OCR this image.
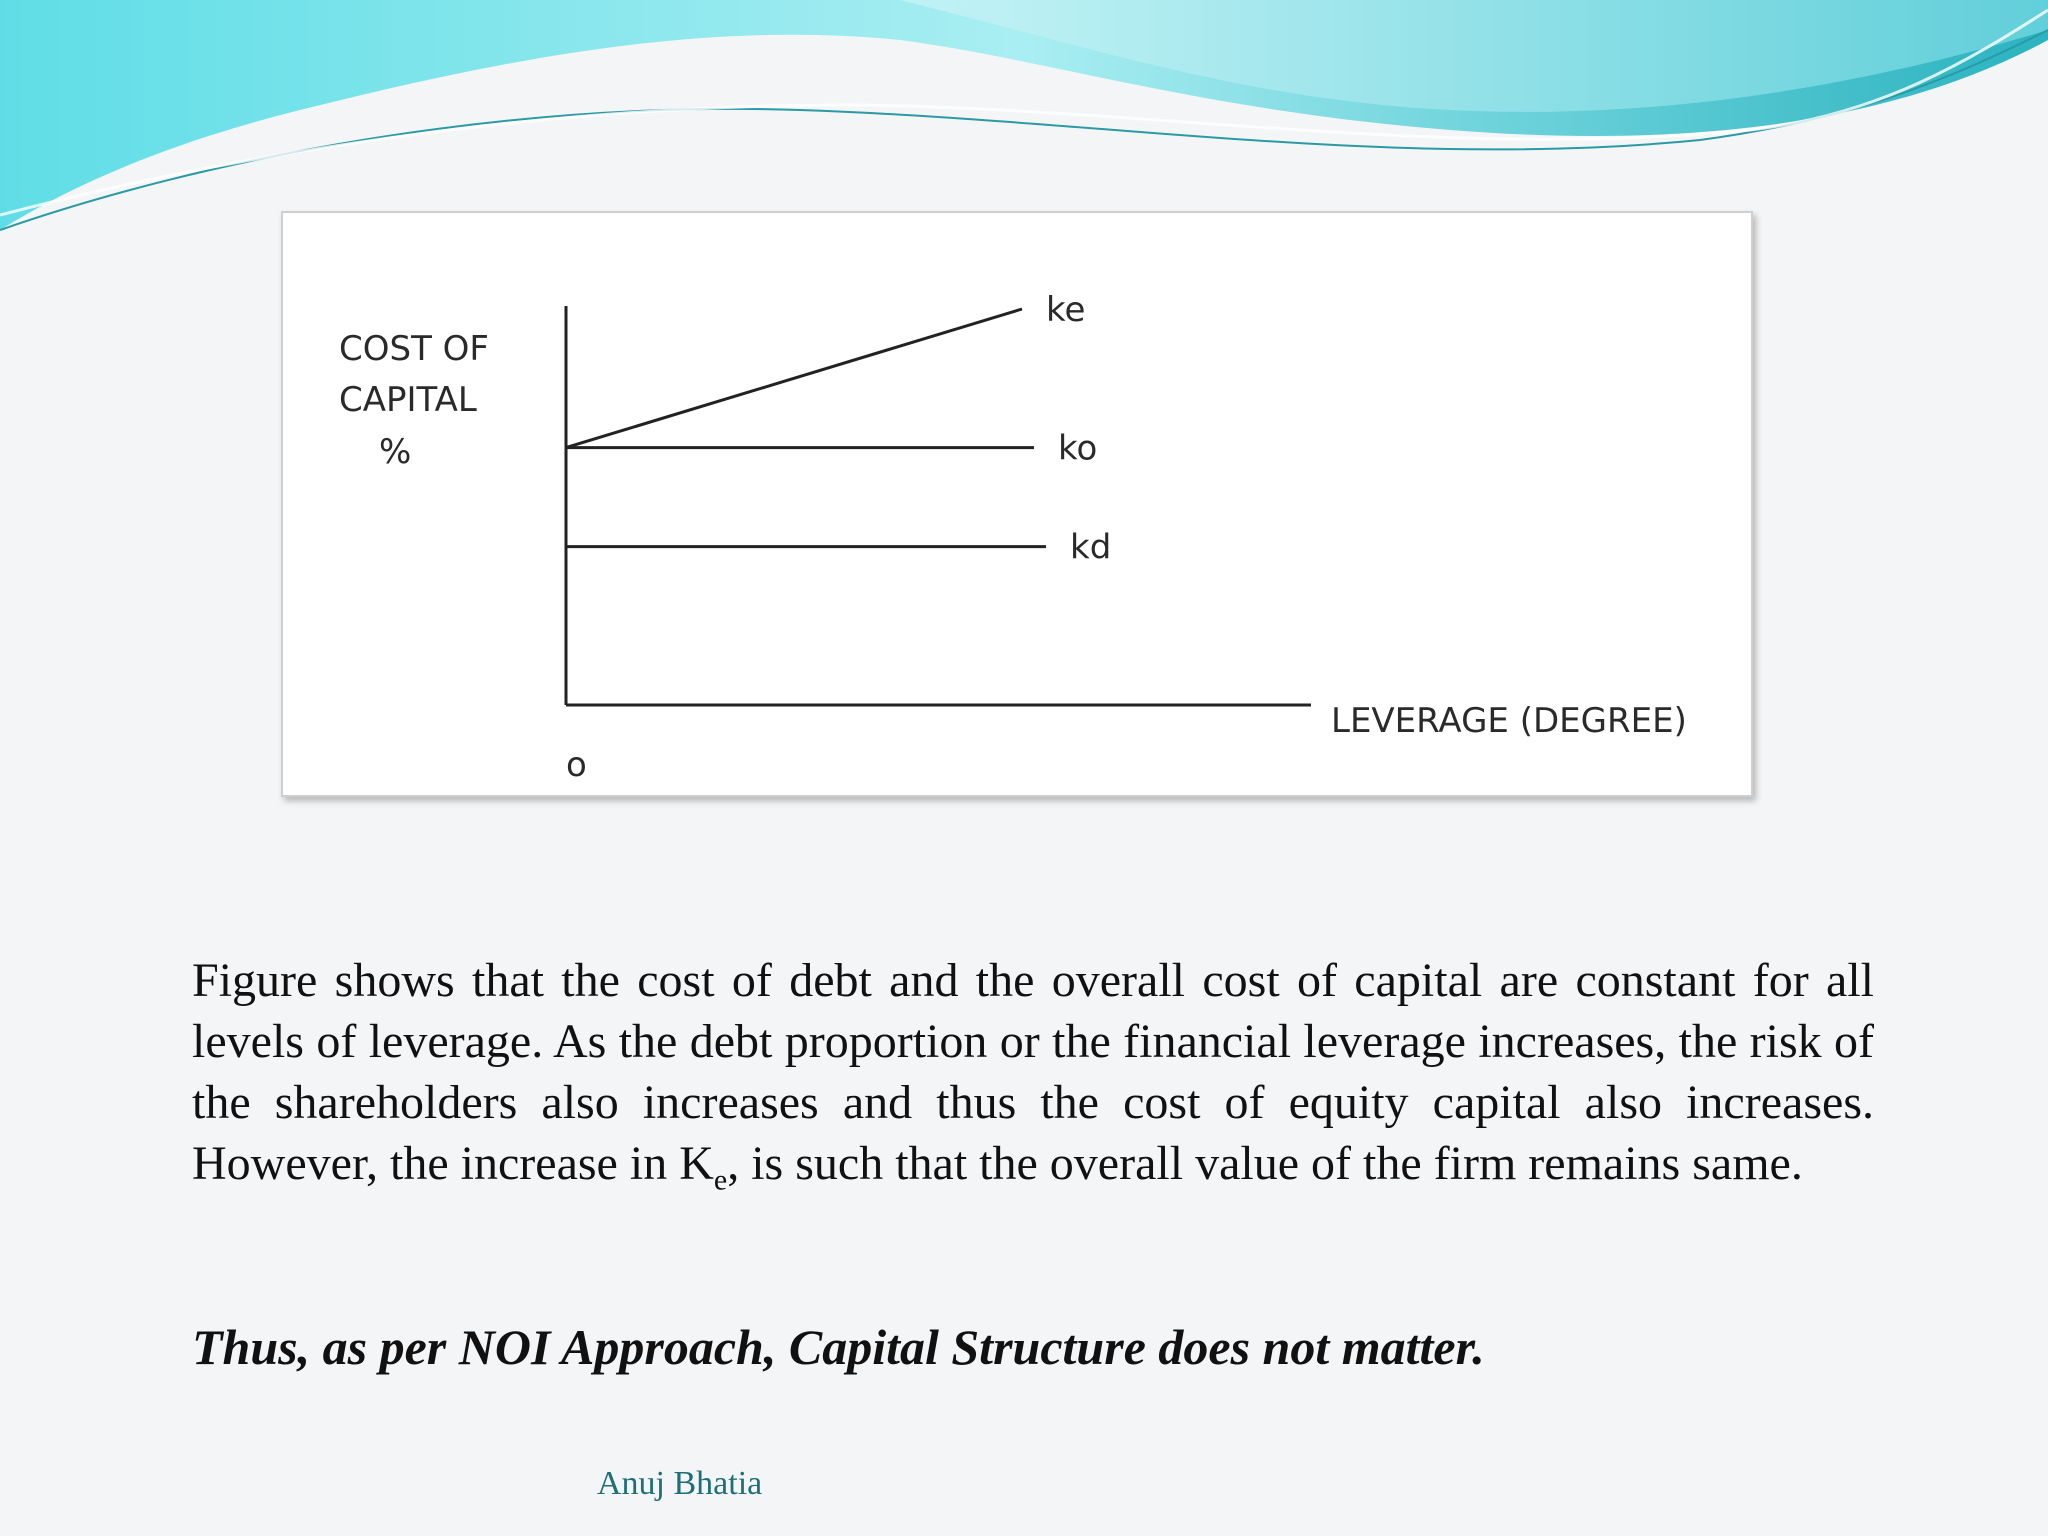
COST OF
CAPITAL
%
LEVERAGE (DEGREE)
o
ke
ko
kd

Figure shows that the cost of debt and the overall cost of capital are constant for all levels of leverage. As the debt proportion or the financial leverage increases, the risk of the shareholders also increases and thus the cost of equity capital also increases. However, the increase in $K_e$, is such that the overall value of the firm remains same.

Thus, as per NOI Approach, Capital Structure does not matter.

Anuj Bhatia
